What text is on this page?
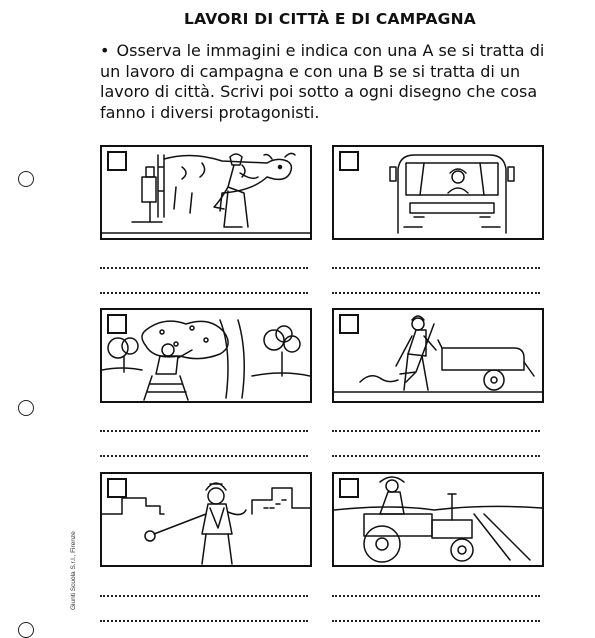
LAVORI DI CITTÀ E DI CAMPAGNA
• Osserva le immagini e indica con una A se si tratta di un lavoro di campagna e con una B se si tratta di un lavoro di città. Scrivi poi sotto a ogni disegno che cosa fanno i diversi protagonisti.
Giunti Scuola S.r.l., Firenze
